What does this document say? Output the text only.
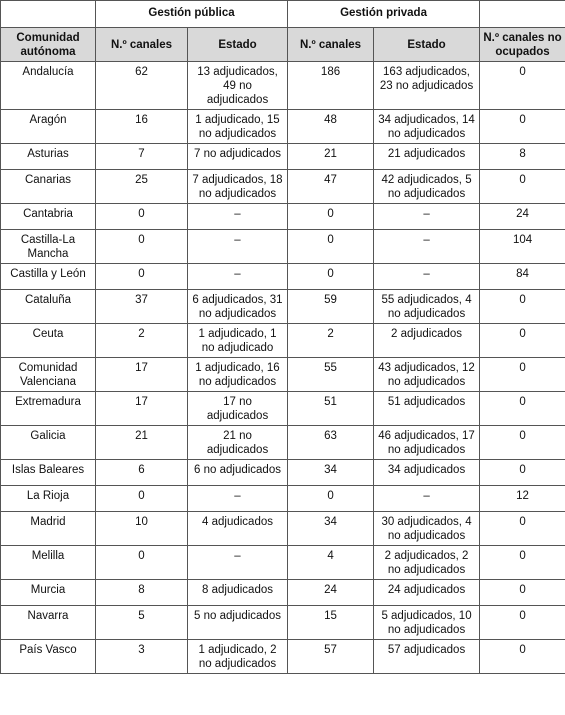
	Gestión pública		Gestión privada		
Comunidad autónoma	N.º canales	Estado	N.º canales	Estado	N.º canales no ocupados
Andalucía	62	13 adjudicados, 49 no adjudicados	186	163 adjudicados, 23 no adjudicados	0
Aragón	16	1 adjudicado, 15 no adjudicados	48	34 adjudicados, 14 no adjudicados	0
Asturias	7	7 no adjudicados	21	21 adjudicados	8
Canarias	25	7 adjudicados, 18 no adjudicados	47	42 adjudicados, 5 no adjudicados	0
Cantabria	0	–	0	–	24
Castilla-La Mancha	0	–	0	–	104
Castilla y León	0	–	0	–	84
Cataluña	37	6 adjudicados, 31 no adjudicados	59	55 adjudicados, 4 no adjudicados	0
Ceuta	2	1 adjudicado, 1 no adjudicado	2	2 adjudicados	0
Comunidad Valenciana	17	1 adjudicado, 16 no adjudicados	55	43 adjudicados, 12 no adjudicados	0
Extremadura	17	17 no adjudicados	51	51 adjudicados	0
Galicia	21	21 no adjudicados	63	46 adjudicados, 17 no adjudicados	0
Islas Baleares	6	6 no adjudicados	34	34 adjudicados	0
La Rioja	0	–	0	–	12
Madrid	10	4 adjudicados	34	30 adjudicados, 4 no adjudicados	0
Melilla	0	–	4	2 adjudicados, 2 no adjudicados	0
Murcia	8	8 adjudicados	24	24 adjudicados	0
Navarra	5	5 no adjudicados	15	5 adjudicados, 10 no adjudicados	0
País Vasco	3	1 adjudicado, 2 no adjudicados	57	57 adjudicados	0
